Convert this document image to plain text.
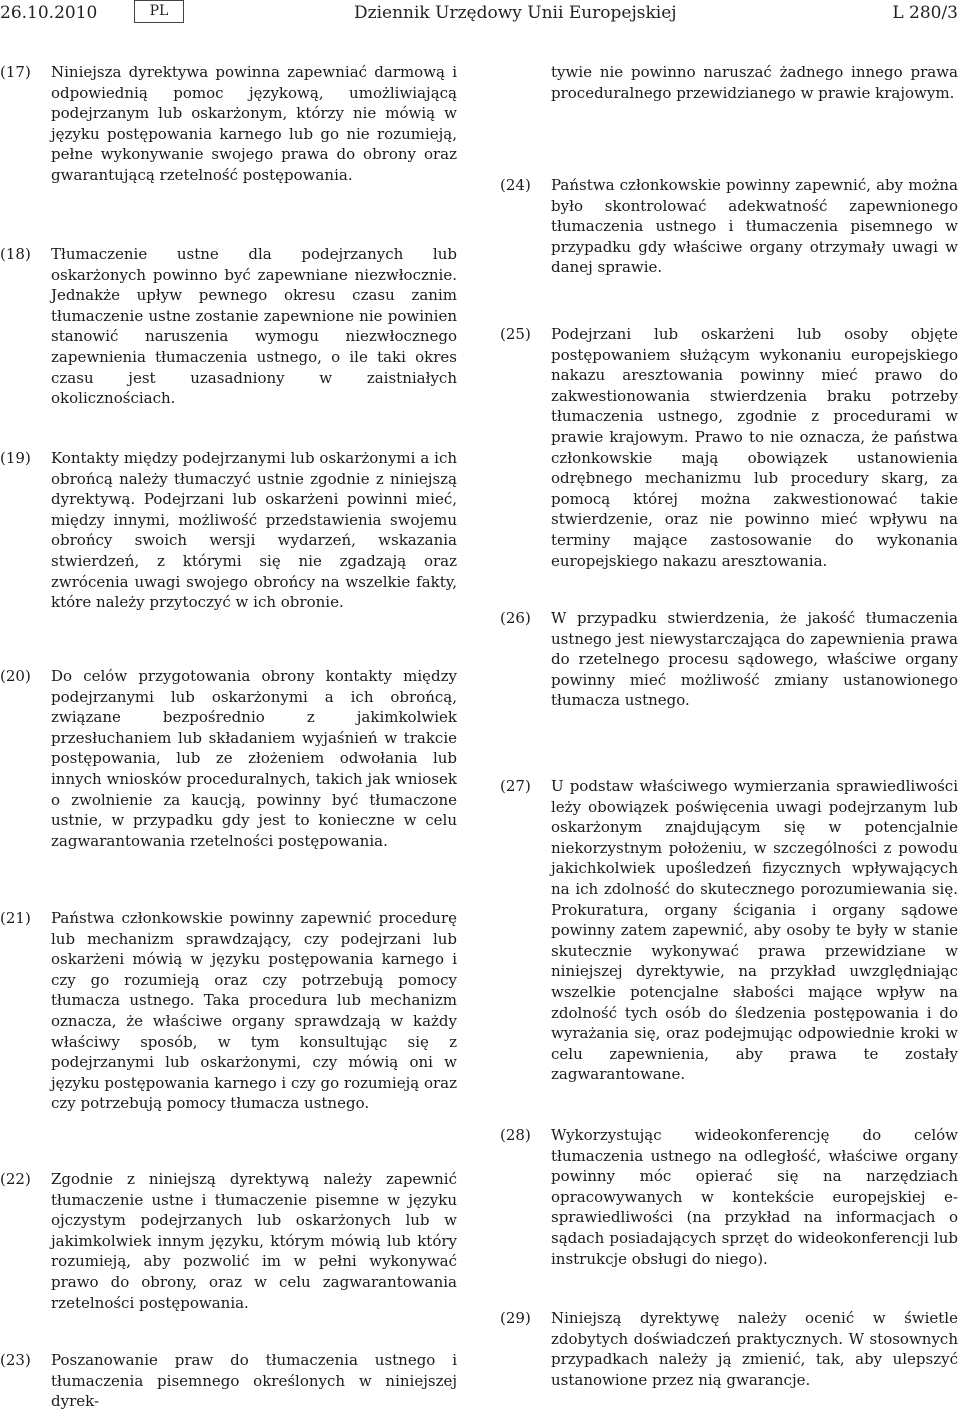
26.10.2010	PL	Dziennik Urzędowy Unii Europejskiej	L 280/3
(17)	Niniejsza dyrektywa powinna zapewniać darmową i odpowiednią pomoc językową, umożliwiającą podejrzanym lub oskarżonym, którzy nie mówią w języku postępowania karnego lub go nie rozumieją, pełne wykonywanie swojego prawa do obrony oraz gwarantującą rzetelność postępowania.
(18)	Tłumaczenie ustne dla podejrzanych lub oskarżonych powinno być zapewniane niezwłocznie. Jednakże upływ pewnego okresu czasu zanim tłumaczenie ustne zostanie zapewnione nie powinien stanowić naruszenia wymogu niezwłocznego zapewnienia tłumaczenia ustnego, o ile taki okres czasu jest uzasadniony w zaistniałych okolicznościach.
(19)	Kontakty między podejrzanymi lub oskarżonymi a ich obrońcą należy tłumaczyć ustnie zgodnie z niniejszą dyrektywą. Podejrzani lub oskarżeni powinni mieć, między innymi, możliwość przedstawienia swojemu obrońcy swoich wersji wydarzeń, wskazania stwierdzeń, z którymi się nie zgadzają oraz zwrócenia uwagi swojego obrońcy na wszelkie fakty, które należy przytoczyć w ich obronie.
(20)	Do celów przygotowania obrony kontakty między podejrzanymi lub oskarżonymi a ich obrońcą, związane bezpośrednio z jakimkolwiek przesłuchaniem lub składaniem wyjaśnień w trakcie postępowania, lub ze złożeniem odwołania lub innych wniosków proceduralnych, takich jak wniosek o zwolnienie za kaucją, powinny być tłumaczone ustnie, w przypadku gdy jest to konieczne w celu zagwarantowania rzetelności postępowania.
(21)	Państwa członkowskie powinny zapewnić procedurę lub mechanizm sprawdzający, czy podejrzani lub oskarżeni mówią w języku postępowania karnego i czy go rozumieją oraz czy potrzebują pomocy tłumacza ustnego. Taka procedura lub mechanizm oznacza, że właściwe organy sprawdzają w każdy właściwy sposób, w tym konsultując się z podejrzanymi lub oskarżonymi, czy mówią oni w języku postępowania karnego i czy go rozumieją oraz czy potrzebują pomocy tłumacza ustnego.
(22)	Zgodnie z niniejszą dyrektywą należy zapewnić tłumaczenie ustne i tłumaczenie pisemne w języku ojczystym podejrzanych lub oskarżonych lub w jakimkolwiek innym języku, którym mówią lub który rozumieją, aby pozwolić im w pełni wykonywać prawo do obrony, oraz w celu zagwarantowania rzetelności postępowania.
(23)	Poszanowanie praw do tłumaczenia ustnego i tłumaczenia pisemnego określonych w niniejszej dyrek-
tywie nie powinno naruszać żadnego innego prawa proceduralnego przewidzianego w prawie krajowym.
(24)	Państwa członkowskie powinny zapewnić, aby można było skontrolować adekwatność zapewnionego tłumaczenia ustnego i tłumaczenia pisemnego w przypadku gdy właściwe organy otrzymały uwagi w danej sprawie.
(25)	Podejrzani lub oskarżeni lub osoby objęte postępowaniem służącym wykonaniu europejskiego nakazu aresztowania powinny mieć prawo do zakwestionowania stwierdzenia braku potrzeby tłumaczenia ustnego, zgodnie z procedurami w prawie krajowym. Prawo to nie oznacza, że państwa członkowskie mają obowiązek ustanowienia odrębnego mechanizmu lub procedury skarg, za pomocą której można zakwestionować takie stwierdzenie, oraz nie powinno mieć wpływu na terminy mające zastosowanie do wykonania europejskiego nakazu aresztowania.
(26)	W przypadku stwierdzenia, że jakość tłumaczenia ustnego jest niewystarczająca do zapewnienia prawa do rzetelnego procesu sądowego, właściwe organy powinny mieć możliwość zmiany ustanowionego tłumacza ustnego.
(27)	U podstaw właściwego wymierzania sprawiedliwości leży obowiązek poświęcenia uwagi podejrzanym lub oskarżonym znajdującym się w potencjalnie niekorzystnym położeniu, w szczególności z powodu jakichkolwiek upośledzeń fizycznych wpływających na ich zdolność do skutecznego porozumiewania się. Prokuratura, organy ścigania i organy sądowe powinny zatem zapewnić, aby osoby te były w stanie skutecznie wykonywać prawa przewidziane w niniejszej dyrektywie, na przykład uwzględniając wszelkie potencjalne słabości mające wpływ na zdolność tych osób do śledzenia postępowania i do wyrażania się, oraz podejmując odpowiednie kroki w celu zapewnienia, aby prawa te zostały zagwarantowane.
(28)	Wykorzystując wideokonferencję do celów tłumaczenia ustnego na odległość, właściwe organy powinny móc opierać się na narzędziach opracowywanych w kontekście europejskiej e-sprawiedliwości (na przykład na informacjach o sądach posiadających sprzęt do wideokonferencji lub instrukcje obsługi do niego).
(29)	Niniejszą dyrektywę należy ocenić w świetle zdobytych doświadczeń praktycznych. W stosownych przypadkach należy ją zmienić, tak, aby ulepszyć ustanowione przez nią gwarancje.
